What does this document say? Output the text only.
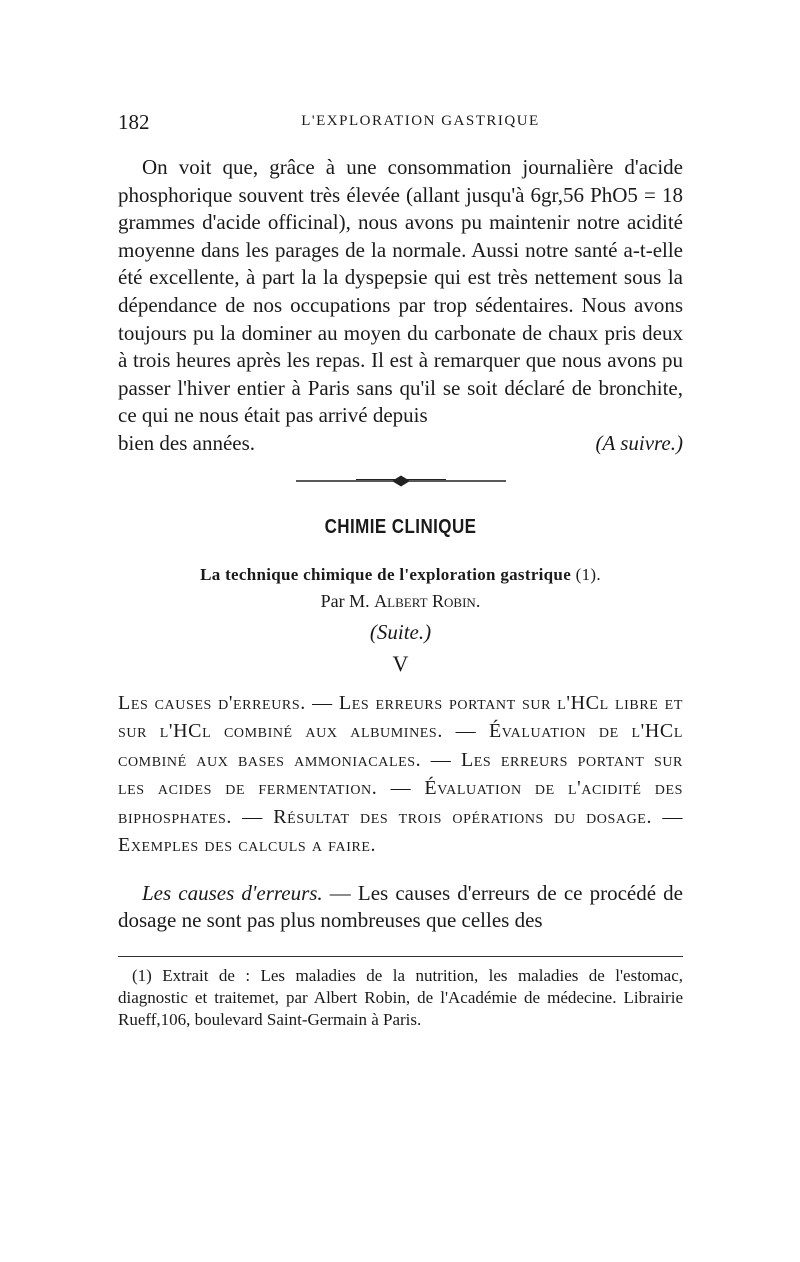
182	L'EXPLORATION GASTRIQUE

On voit que, grâce à une consommation journalière d'acide phosphorique souvent très élevée (allant jusqu'à 6gr,56 PhO5 = 18 grammes d'acide officinal), nous avons pu maintenir notre acidité moyenne dans les parages de la normale. Aussi notre santé a-t-elle été excellente, à part la la dyspepsie qui est très nettement sous la dépendance de nos occupations par trop sédentaires. Nous avons toujours pu la dominer au moyen du carbonate de chaux pris deux à trois heures après les repas. Il est à remarquer que nous avons pu passer l'hiver entier à Paris sans qu'il se soit déclaré de bronchite, ce qui ne nous était pas arrivé depuis

bien des années.	(A suivre.)
CHIMIE CLINIQUE
La technique chimique de l'exploration gastrique (1).
Par M. Albert Robin.
(Suite.)
V

Les causes d'erreurs. — Les erreurs portant sur l'HCl libre et sur l'HCl combiné aux albumines. — Évaluation de l'HCl combiné aux bases ammoniacales. — Les erreurs portant sur les acides de fermentation. — Évaluation de l'acidité des biphosphates. — Résultat des trois opérations du dosage. — Exemples des calculs a faire.

Les causes d'erreurs. — Les causes d'erreurs de ce procédé de dosage ne sont pas plus nombreuses que celles des

(1) Extrait de : Les maladies de la nutrition, les maladies de l'estomac, diagnostic et traitemet, par Albert Robin, de l'Académie de médecine. Librairie Rueff,106, boulevard Saint-Germain à Paris.
